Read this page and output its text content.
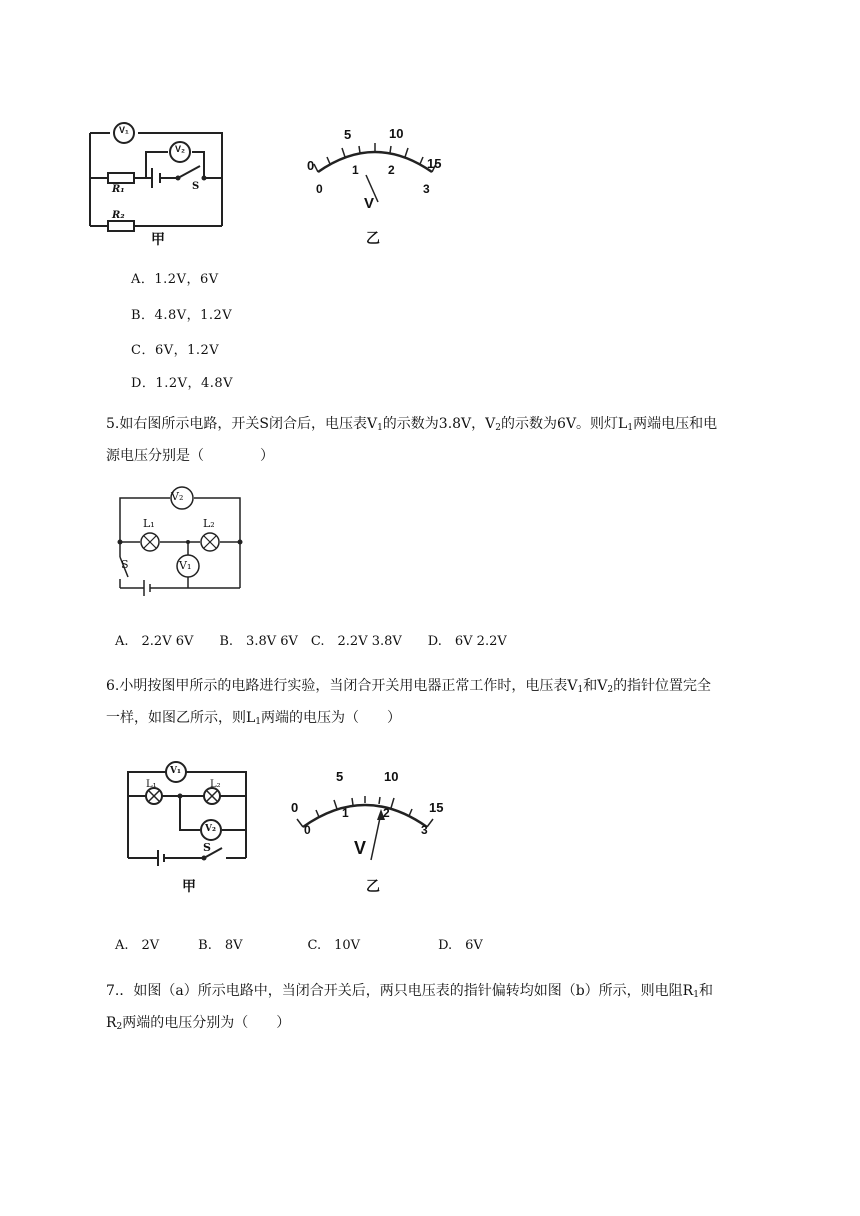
V₁
V₂
R₁
R₂
S
甲
0
5	10
15
0
1 2
3
V
乙
A．1.2V，6V
B．4.8V，1.2V
C．6V，1.2V
D．1.2V，4.8V
5.如右图所示电路，开关S闭合后，电压表$V_1$的示数为3.8V，$V_2$的示数为6V。则灯$L_1$两端电压和电
源电压分别是（　　　　）
V₂
L₁	L₂
V₁
S
A.　2.2V 6V　　B.　3.8V 6V　C.　2.2V 3.8V　　D.　6V 2.2V
6.小明按图甲所示的电路进行实验，当闭合开关用电器正常工作时，电压表$V_1$和$V_2$的指针位置完全
一样，如图乙所示，则$L_1$两端的电压为（　　）
V₁
L₁	L₂
V₂
S
甲
0
5	10
15
0
1	2
3
V
乙
A.　2V　　　B.　8V　　　　　C.　10V　　　　　　D.　6V
7.．如图（a）所示电路中，当闭合开关后，两只电压表的指针偏转均如图（b）所示，则电阻$R_1$和
$R_2$两端的电压分别为（　　）
